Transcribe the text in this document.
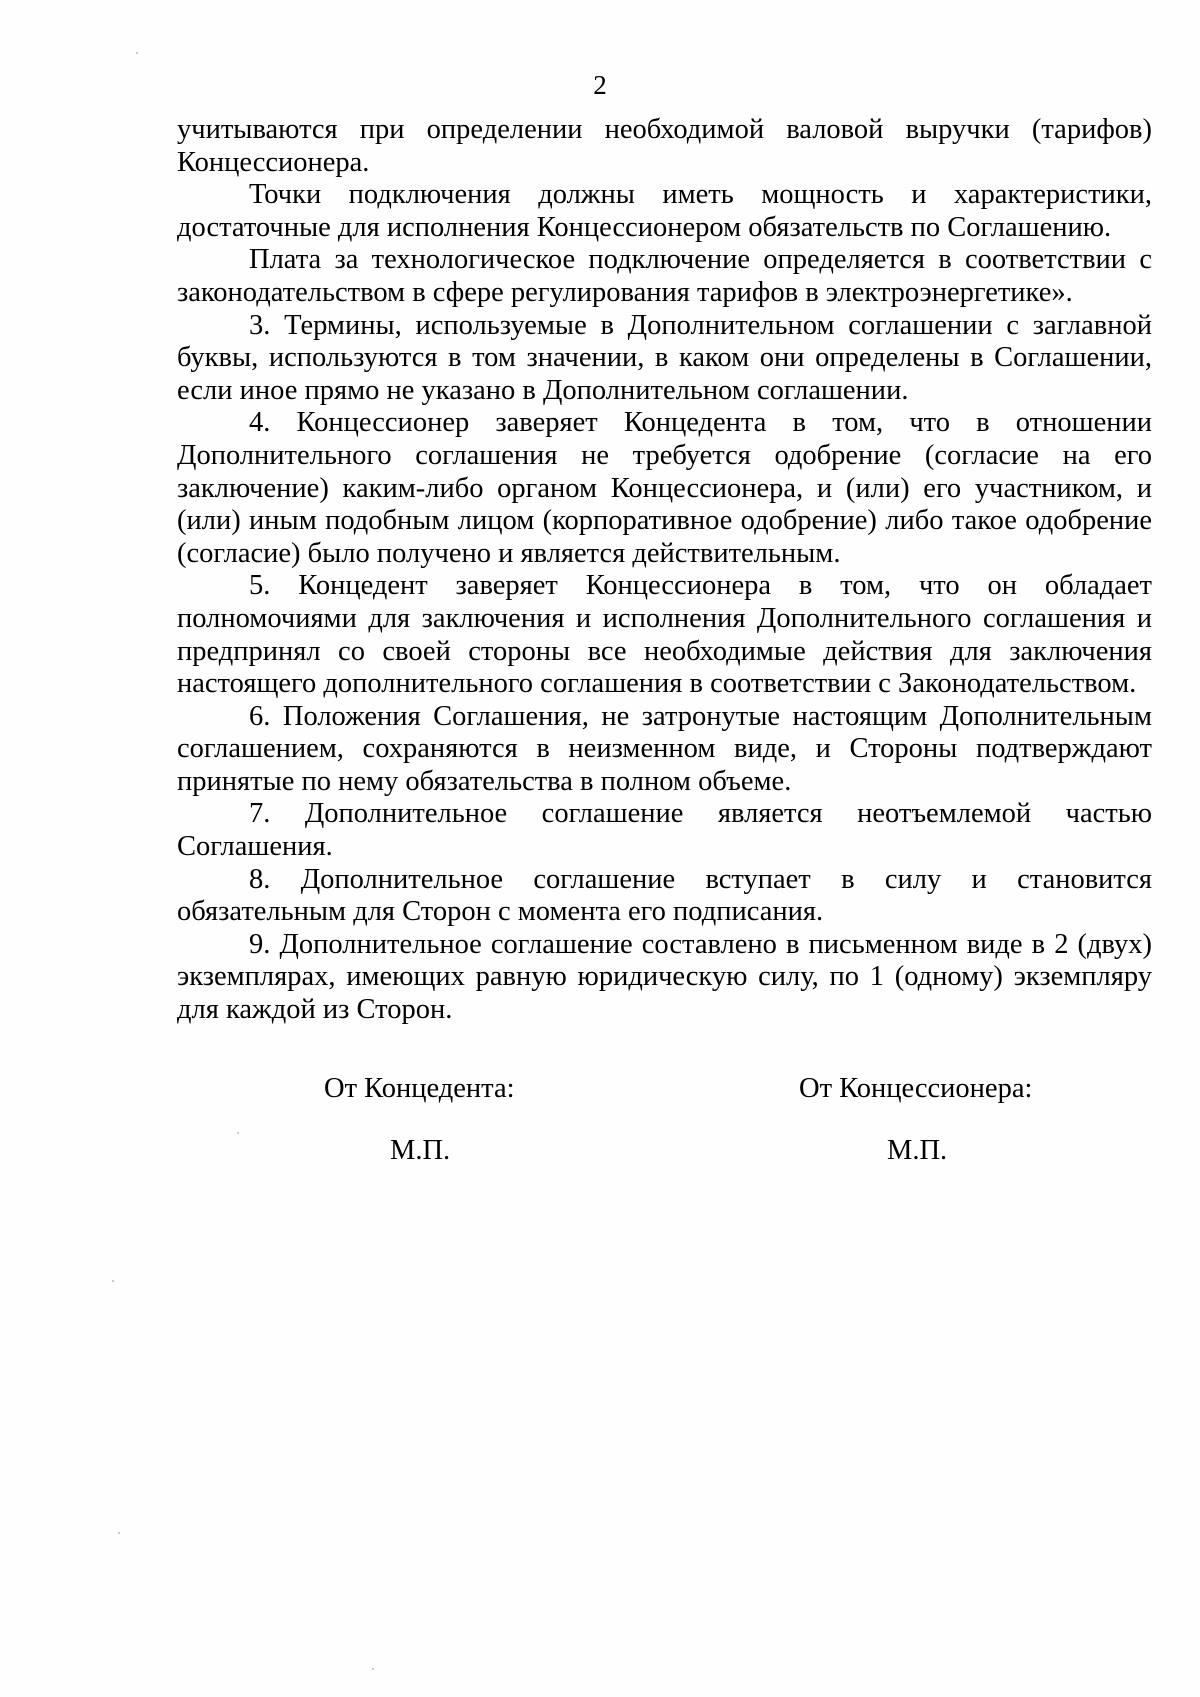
2

учитываются при определении необходимой валовой выручки (тарифов) Концессионера.

Точки подключения должны иметь мощность и характеристики, достаточные для исполнения Концессионером обязательств по Соглашению.

Плата за технологическое подключение определяется в соответствии с законодательством в сфере регулирования тарифов в электроэнергетике».

3. Термины, используемые в Дополнительном соглашении с заглавной буквы, используются в том значении, в каком они определены в Соглашении, если иное прямо не указано в Дополнительном соглашении.

4. Концессионер заверяет Концедента в том, что в отношении Дополнительного соглашения не требуется одобрение (согласие на его заключение) каким-либо органом Концессионера, и (или) его участником, и (или) иным подобным лицом (корпоративное одобрение) либо такое одобрение (согласие) было получено и является действительным.

5. Концедент заверяет Концессионера в том, что он обладает полномочиями для заключения и исполнения Дополнительного соглашения и предпринял со своей стороны все необходимые действия для заключения настоящего дополнительного соглашения в соответствии с Законодательством.

6. Положения Соглашения, не затронутые настоящим Дополнительным соглашением, сохраняются в неизменном виде, и Стороны подтверждают принятые по нему обязательства в полном объеме.

7. Дополнительное соглашение является неотъемлемой частью Соглашения.

8. Дополнительное соглашение вступает в силу и становится обязательным для Сторон с момента его подписания.

9. Дополнительное соглашение составлено в письменном виде в 2 (двух) экземплярах, имеющих равную юридическую силу, по 1 (одному) экземпляру для каждой из Сторон.

От Концедента:	От Концессионера:
М.П.	М.П.
